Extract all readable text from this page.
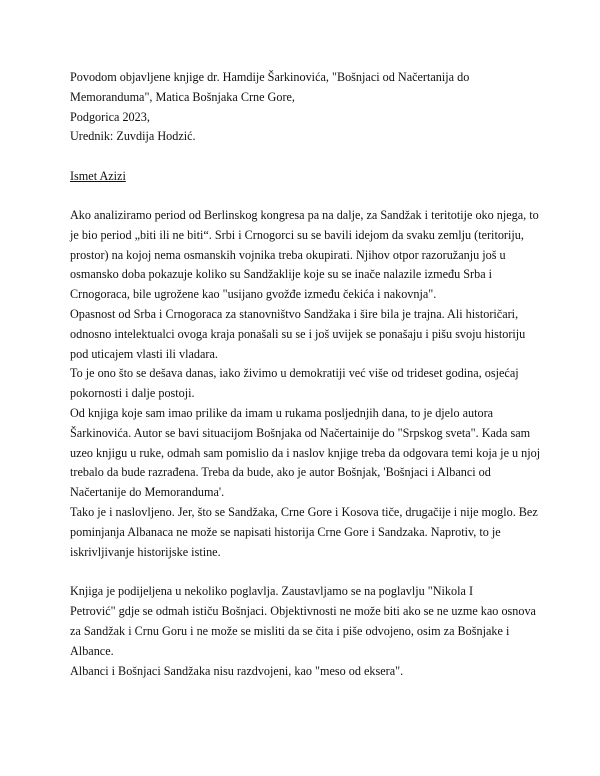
Povodom objavljene knjige dr. Hamdije Šarkinovića, "Bošnjaci od Načertanija do
Memoranduma", Matica Bošnjaka Crne Gore,
Podgorica 2023,
Urednik: Zuvdija Hodzić.
Ismet Azizi
Ako analiziramo period od Berlinskog kongresa pa na dalje, za Sandžak i teritotije oko njega, to
je bio period „biti ili ne biti“. Srbi i Crnogorci su se bavili idejom da svaku zemlju (teritoriju,
prostor) na kojoj nema osmanskih vojnika treba okupirati. Njihov otpor razoružanju još u
osmansko doba pokazuje koliko su Sandžaklije koje su se inače nalazile između Srba i
Crnogoraca, bile ugrožene kao "usijano gvožđe između čekića i nakovnja".
Opasnost od Srba i Crnogoraca za stanovništvo Sandžaka i šire bila je trajna. Ali historičari,
odnosno intelektualci ovoga kraja ponašali su se i još uvijek se ponašaju i pišu svoju historiju
pod uticajem vlasti ili vladara.
To je ono što se dešava danas, iako živimo u demokratiji već više od trideset godina, osjećaj
pokornosti i dalje postoji.
Od knjiga koje sam imao prilike da imam u rukama posljednjih dana, to je djelo autora
Šarkinovića. Autor se bavi situacijom Bošnjaka od Načertainije do "Srpskog sveta". Kada sam
uzeo knjigu u ruke, odmah sam pomislio da i naslov knjige treba da odgovara temi koja je u njoj
trebalo da bude razrađena. Treba da bude, ako je autor Bošnjak, 'Bošnjaci i Albanci od
Načertanije do Memoranduma'.
Tako je i naslovljeno. Jer, što se Sandžaka, Crne Gore i Kosova tiče, drugačije i nije moglo. Bez
pominjanja Albanaca ne može se napisati historija Crne Gore i Sandzaka. Naprotiv, to je
iskrivljivanje historijske istine.
Knjiga je podijeljena u nekoliko poglavlja. Zaustavljamo se na poglavlju "Nikola I
Petrović" gdje se odmah ističu Bošnjaci. Objektivnosti ne može biti ako se ne uzme kao osnova
za Sandžak i Crnu Goru i ne može se misliti da se čita i piše odvojeno, osim za Bošnjake i
Albance.
Albanci i Bošnjaci Sandžaka nisu razdvojeni, kao "meso od eksera".
